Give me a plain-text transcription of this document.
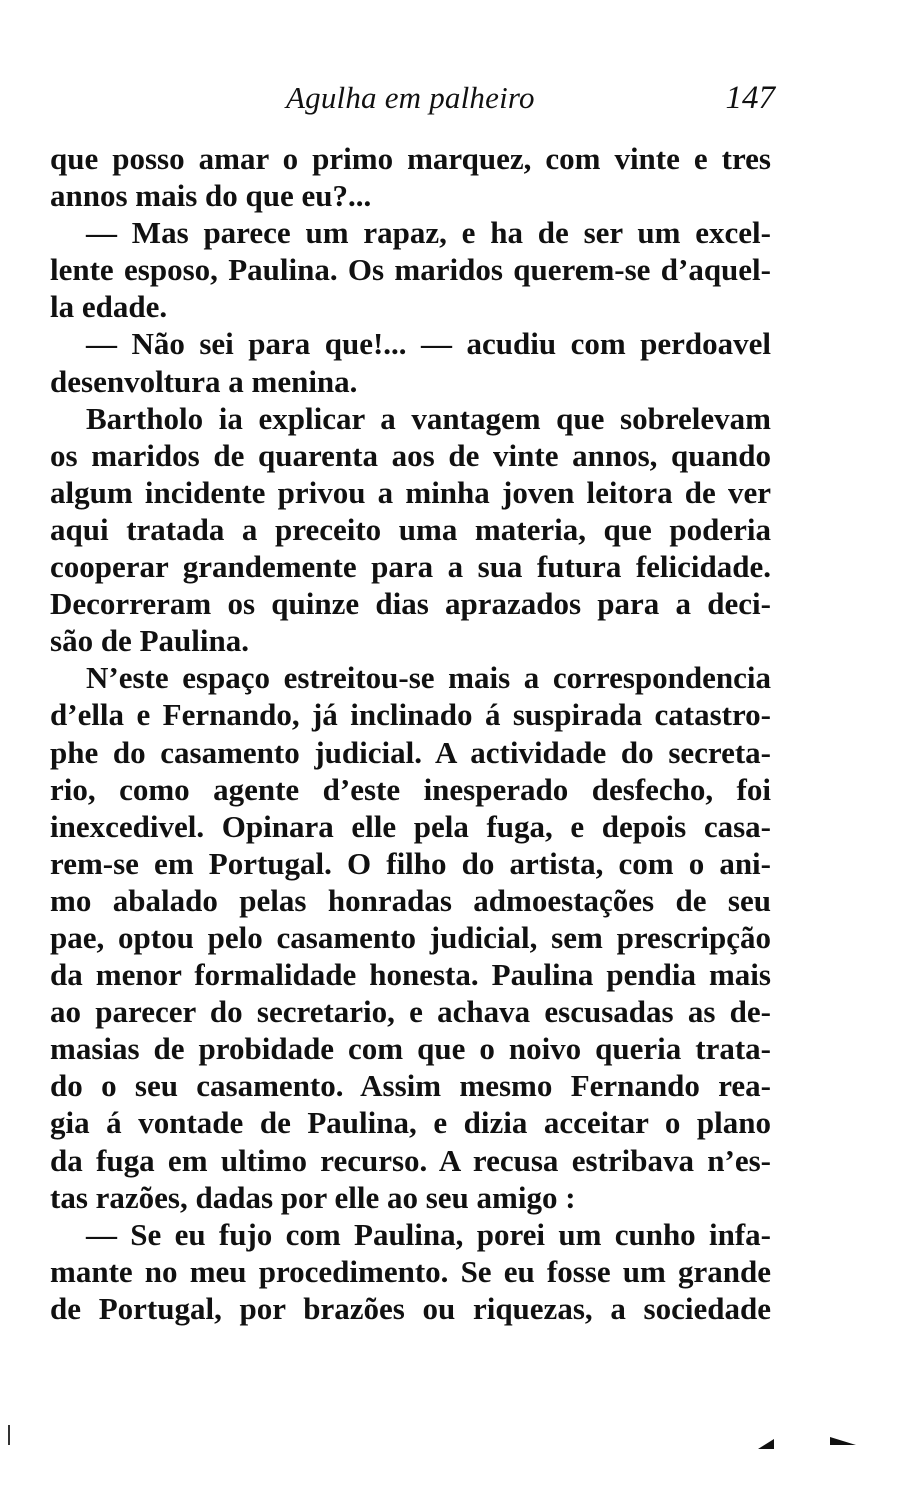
Agulha em palheiro	147
que posso amar o primo marquez, com vinte e tres
annos mais do que eu?...
— Mas parece um rapaz, e ha de ser um excel-
lente esposo, Paulina. Os maridos querem-se d’aquel-
la edade.
— Não sei para que!... — acudiu com perdoavel
desenvoltura a menina.
Bartholo ia explicar a vantagem que sobrelevam
os maridos de quarenta aos de vinte annos, quando
algum incidente privou a minha joven leitora de ver
aqui tratada a preceito uma materia, que poderia
cooperar grandemente para a sua futura felicidade.
Decorreram os quinze dias aprazados para a deci-
são de Paulina.
N’este espaço estreitou-se mais a correspondencia
d’ella e Fernando, já inclinado á suspirada catastro-
phe do casamento judicial. A actividade do secreta-
rio, como agente d’este inesperado desfecho, foi
inexcedivel. Opinara elle pela fuga, e depois casa-
rem-se em Portugal. O filho do artista, com o ani-
mo abalado pelas honradas admoestações de seu
pae, optou pelo casamento judicial, sem prescripção
da menor formalidade honesta. Paulina pendia mais
ao parecer do secretario, e achava escusadas as de-
masias de probidade com que o noivo queria trata-
do o seu casamento. Assim mesmo Fernando rea-
gia á vontade de Paulina, e dizia acceitar o plano
da fuga em ultimo recurso. A recusa estribava n’es-
tas razões, dadas por elle ao seu amigo :
— Se eu fujo com Paulina, porei um cunho infa-
mante no meu procedimento. Se eu fosse um grande
de Portugal, por brazões ou riquezas, a sociedade
